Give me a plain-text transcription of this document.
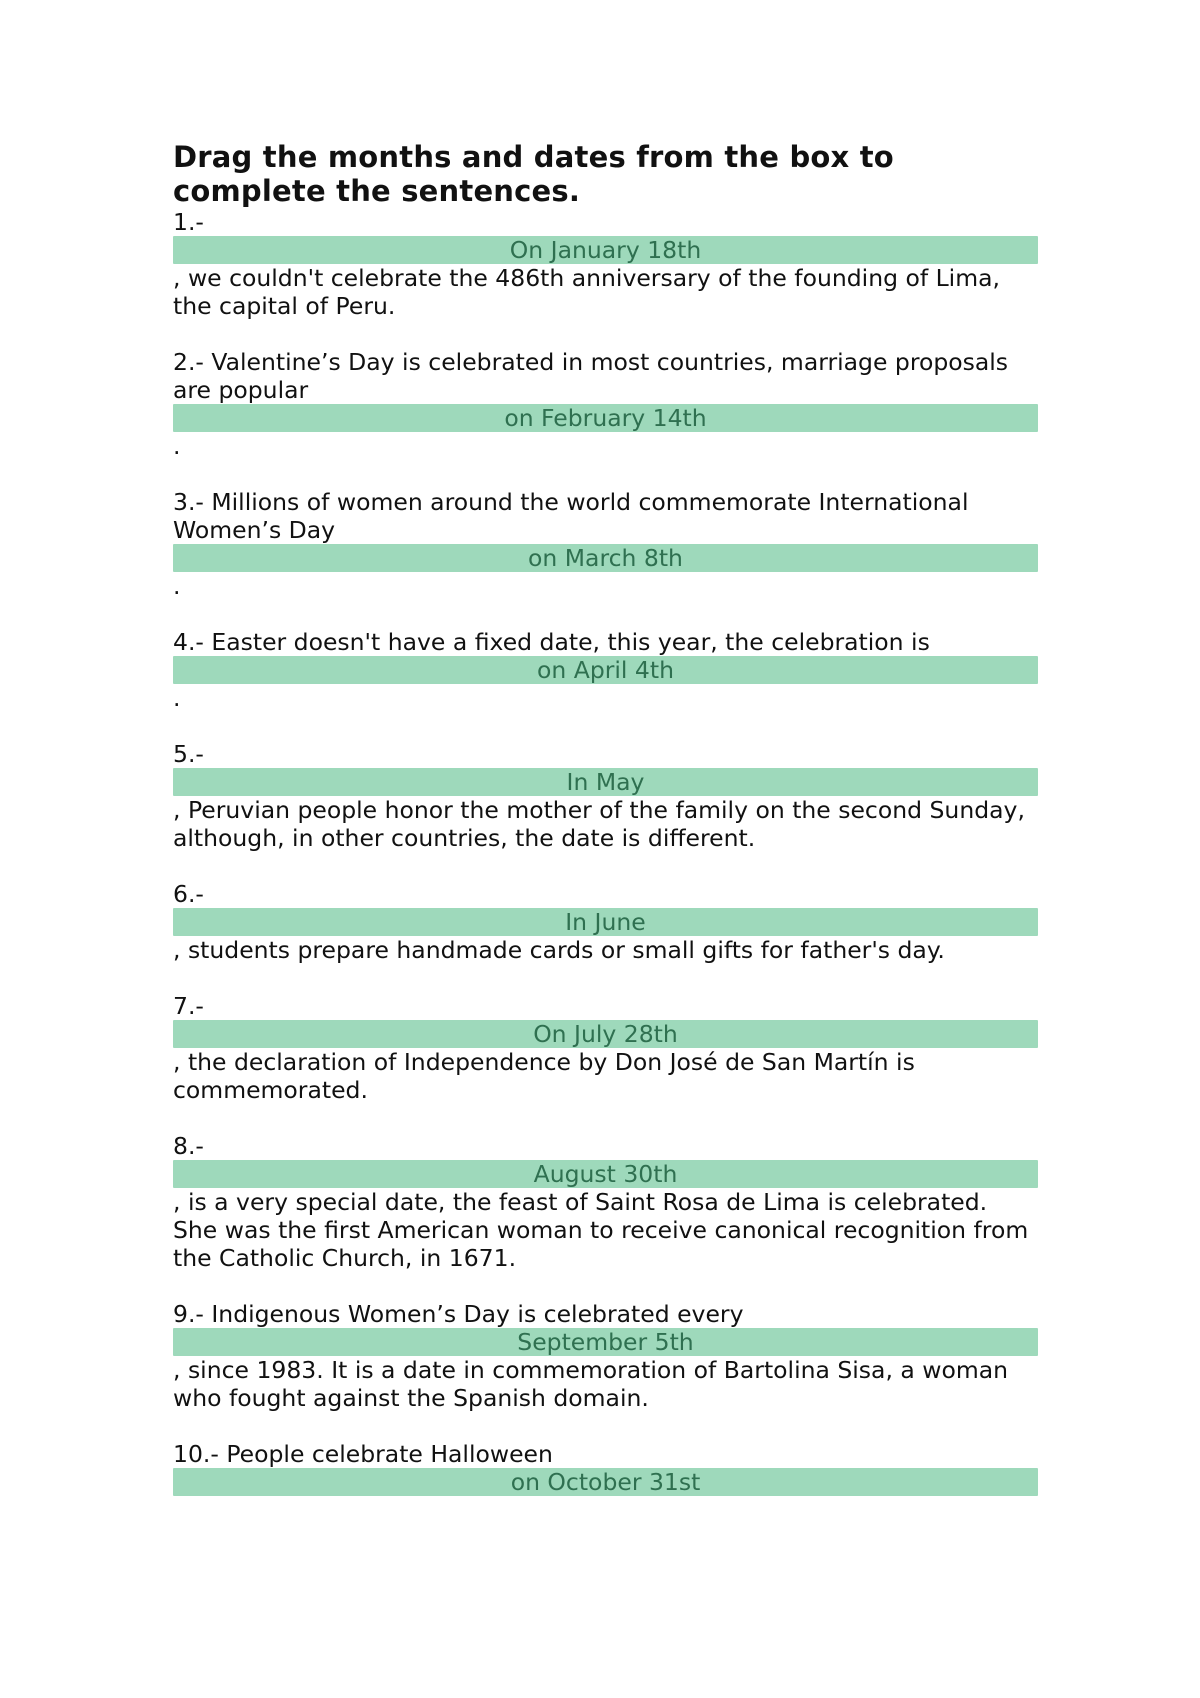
Drag the months and dates from the box to complete the sentences.

1.-

On January 18th

, we couldn't celebrate the 486th anniversary of the founding of Lima, the capital of Peru.

2.- Valentine’s Day is celebrated in most countries, marriage proposals are popular

on February 14th

.

3.- Millions of women around the world commemorate International Women’s Day

on March 8th

.

4.- Easter doesn't have a fixed date, this year, the celebration is

on April 4th

.

5.-

In May

, Peruvian people honor the mother of the family on the second Sunday, although, in other countries, the date is different.

6.-

In June

, students prepare handmade cards or small gifts for father's day.

7.-

On July 28th

, the declaration of Independence by Don José de San Martín is commemorated.

8.-

August 30th

, is a very special date, the feast of Saint Rosa de Lima is celebrated. She was the first American woman to receive canonical recognition from the Catholic Church, in 1671.

9.- Indigenous Women’s Day is celebrated every

September 5th

, since 1983. It is a date in commemoration of Bartolina Sisa, a woman who fought against the Spanish domain.

10.- People celebrate Halloween

on October 31st
